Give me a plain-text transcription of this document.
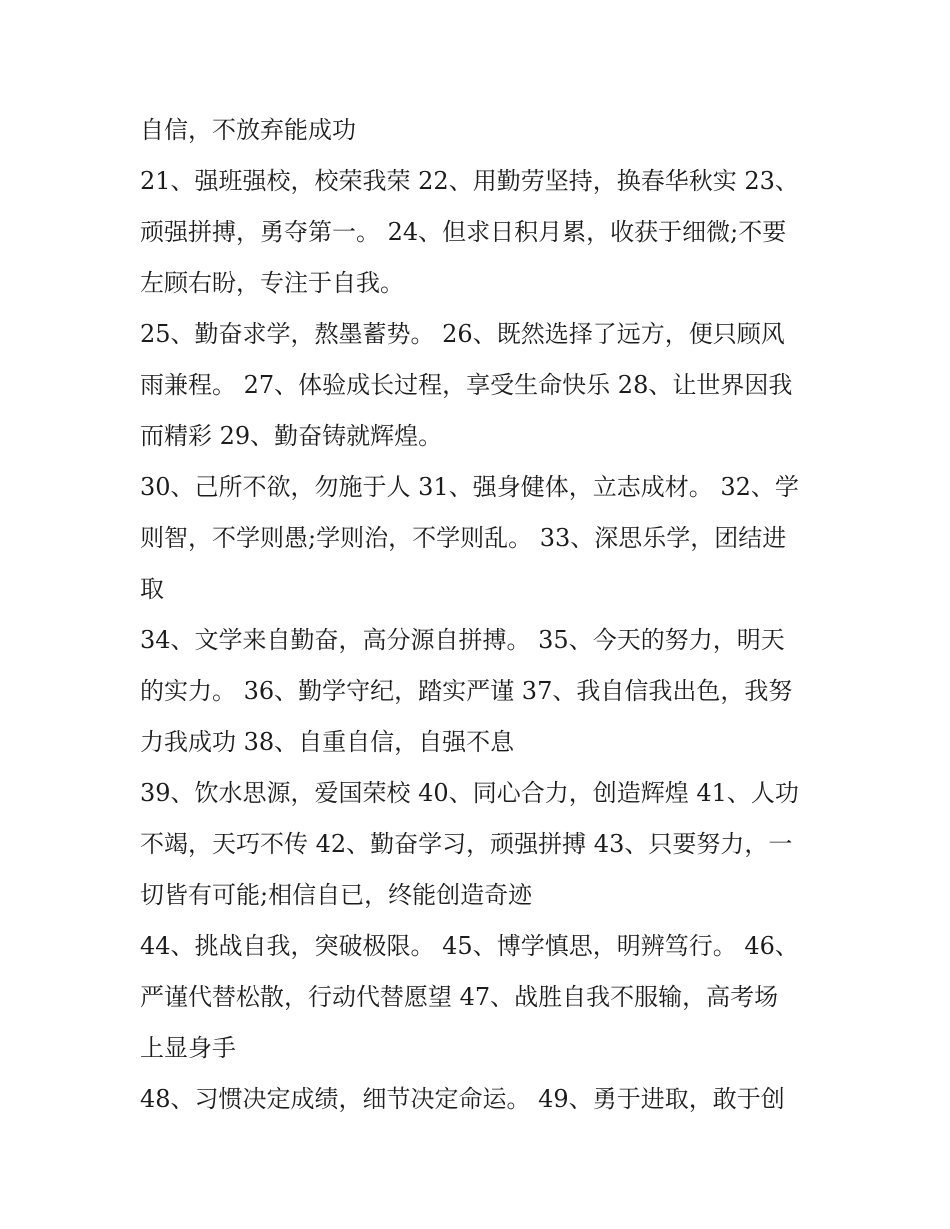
自信，不放弃能成功
21、强班强校，校荣我荣 22、用勤劳坚持，换春华秋实 23、
顽强拼搏，勇夺第一。 24、但求日积月累，收获于细微;不要
左顾右盼，专注于自我。
25、勤奋求学，熬墨蓄势。 26、既然选择了远方，便只顾风
雨兼程。 27、体验成长过程，享受生命快乐 28、让世界因我
而精彩 29、勤奋铸就辉煌。
30、己所不欲，勿施于人 31、强身健体，立志成材。 32、学
则智，不学则愚;学则治，不学则乱。 33、深思乐学，团结进
取
34、文学来自勤奋，高分源自拼搏。 35、今天的努力，明天
的实力。 36、勤学守纪，踏实严谨 37、我自信我出色，我努
力我成功 38、自重自信，自强不息
39、饮水思源，爱国荣校 40、同心合力，创造辉煌 41、人功
不竭，天巧不传 42、勤奋学习，顽强拼搏 43、只要努力，一
切皆有可能;相信自已，终能创造奇迹
44、挑战自我，突破极限。 45、博学慎思，明辨笃行。 46、
严谨代替松散，行动代替愿望 47、战胜自我不服输，高考场
上显身手
48、习惯决定成绩，细节决定命运。 49、勇于进取，敢于创
